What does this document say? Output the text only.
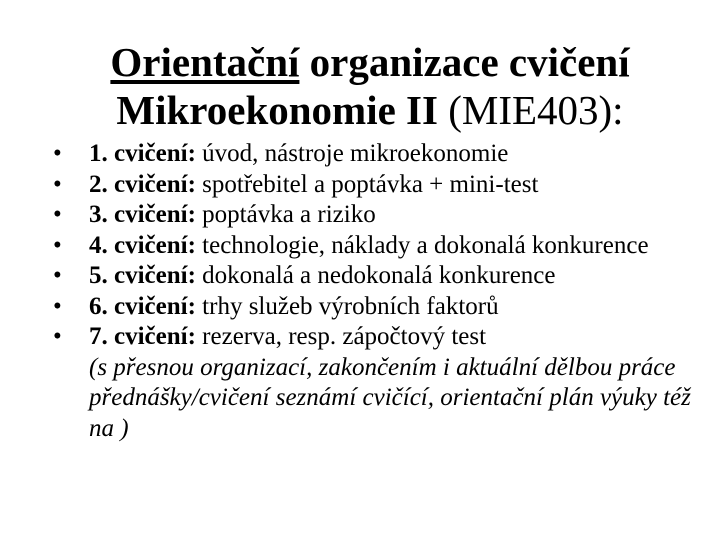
Orientační organizace cvičení
Mikroekonomie II (MIE403):
•	1. cvičení: úvod, nástroje mikroekonomie
•	2. cvičení: spotřebitel a poptávka + mini-test
•	3. cvičení: poptávka a riziko
•	4. cvičení: technologie, náklady a dokonalá konkurence
•	5. cvičení: dokonalá a nedokonalá konkurence
•	6. cvičení: trhy služeb výrobních faktorů
•	7. cvičení: rezerva, resp. zápočtový test
(s přesnou organizací, zakončením i aktuální dělbou práce přednášky/cvičení seznámí cvičící, orientační plán výuky též na )
